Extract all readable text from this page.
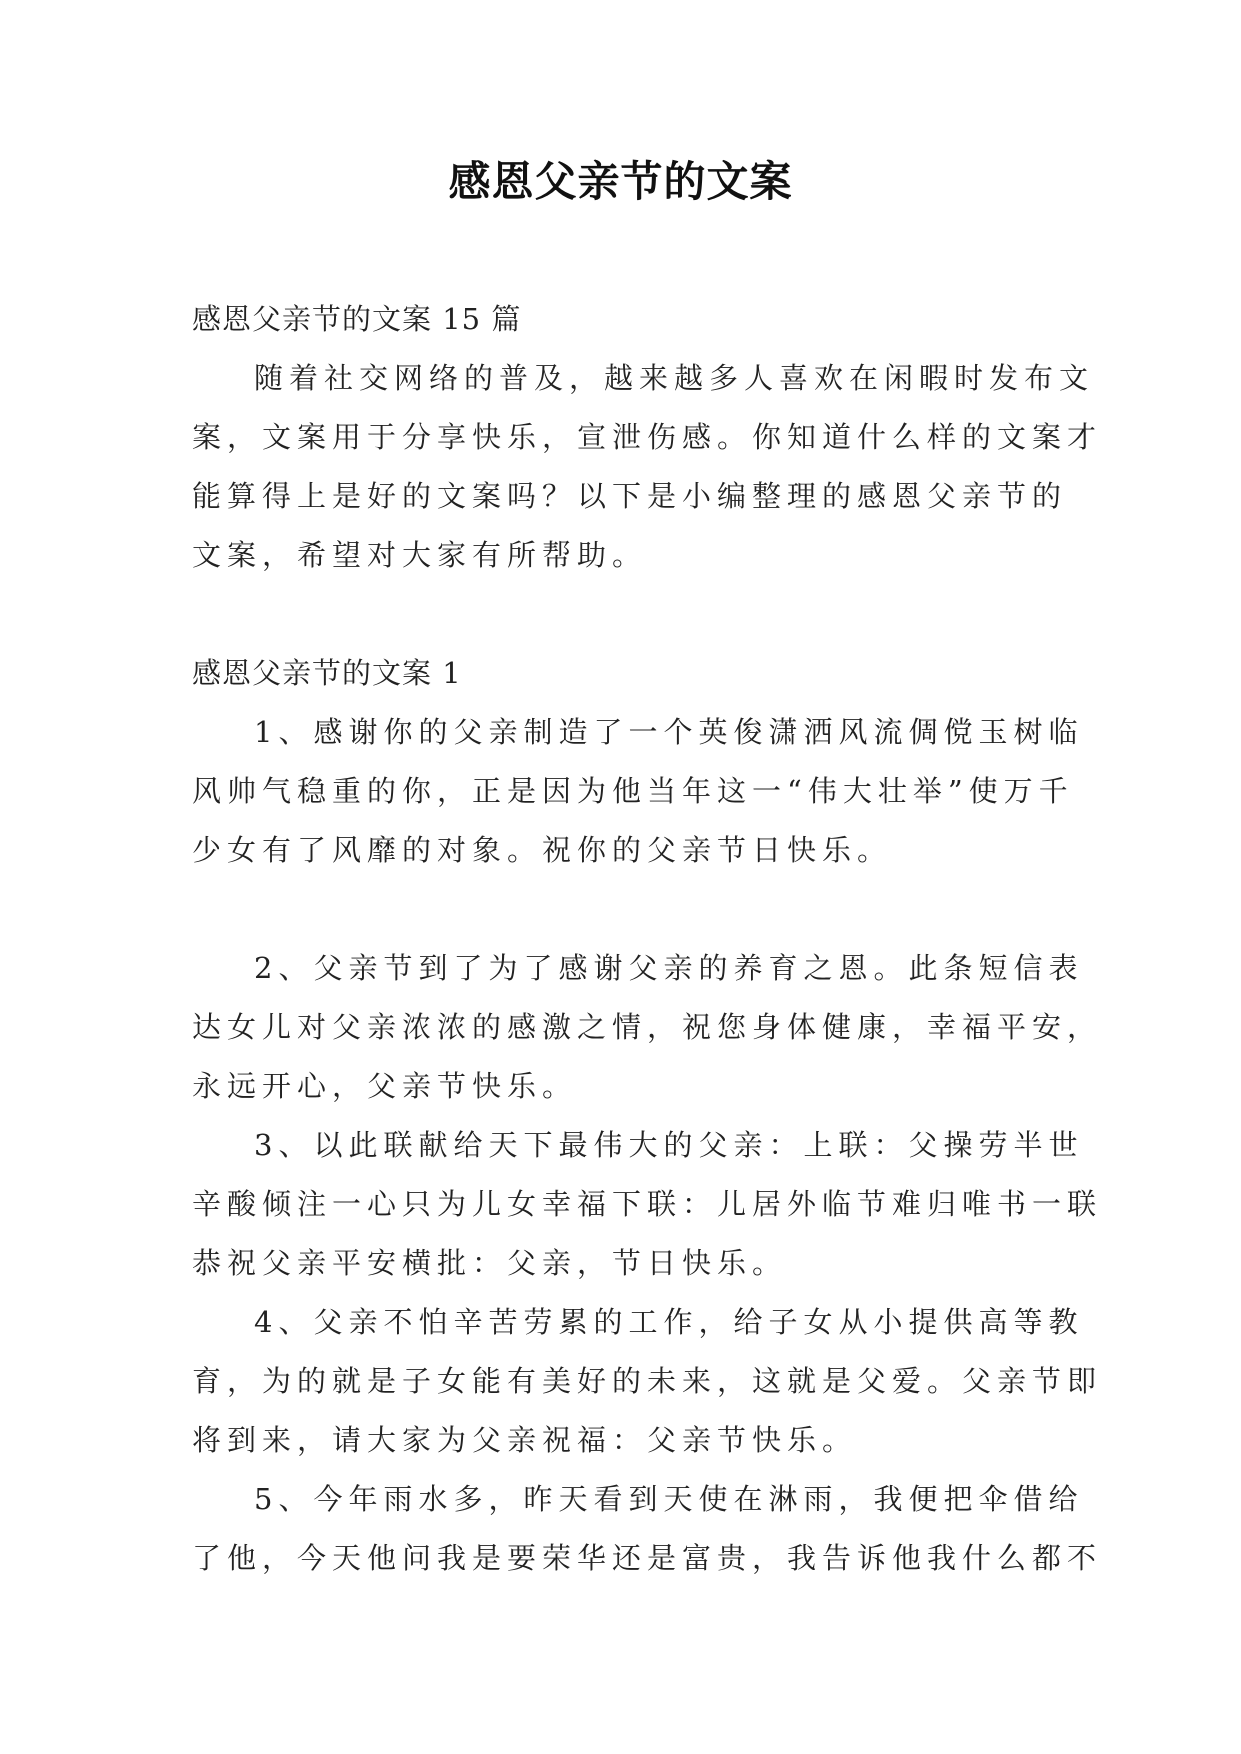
感恩父亲节的文案

感恩父亲节的文案 15 篇

随着社交网络的普及，越来越多人喜欢在闲暇时发布文

案，文案用于分享快乐，宣泄伤感。你知道什么样的文案才

能算得上是好的文案吗？以下是小编整理的感恩父亲节的

文案，希望对大家有所帮助。

感恩父亲节的文案 1

1、感谢你的父亲制造了一个英俊潇洒风流倜傥玉树临

风帅气稳重的你，正是因为他当年这一“伟大壮举”使万千

少女有了风靡的对象。祝你的父亲节日快乐。

2、父亲节到了为了感谢父亲的养育之恩。此条短信表

达女儿对父亲浓浓的感激之情，祝您身体健康，幸福平安，

永远开心，父亲节快乐。

3、以此联献给天下最伟大的父亲：上联：父操劳半世

辛酸倾注一心只为儿女幸福下联：儿居外临节难归唯书一联

恭祝父亲平安横批：父亲，节日快乐。

4、父亲不怕辛苦劳累的工作，给子女从小提供高等教

育，为的就是子女能有美好的未来，这就是父爱。父亲节即

将到来，请大家为父亲祝福：父亲节快乐。

5、今年雨水多，昨天看到天使在淋雨，我便把伞借给

了他，今天他问我是要荣华还是富贵，我告诉他我什么都不
